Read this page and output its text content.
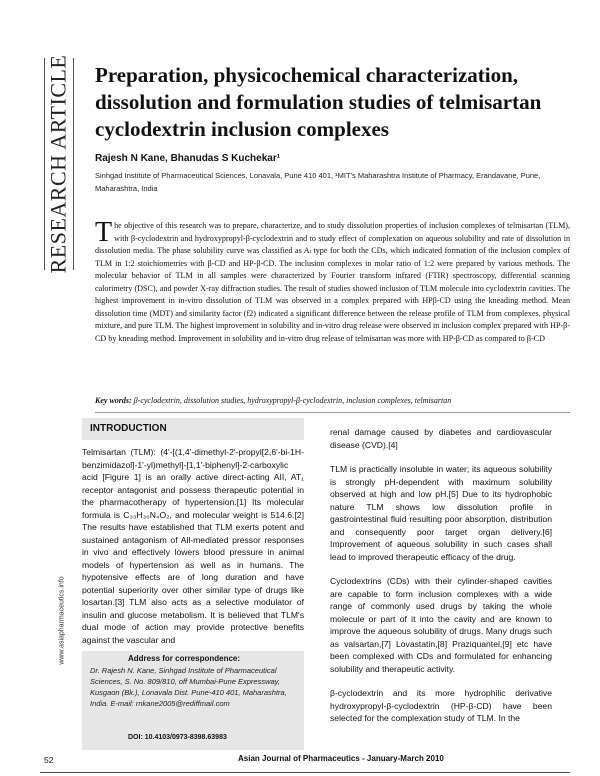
RESEARCH ARTICLE
www.asiapharmaceutics.info
Preparation, physicochemical characterization, dissolution and formulation studies of telmisartan cyclodextrin inclusion complexes
Rajesh N Kane, Bhanudas S Kuchekar¹
Sinhgad Institute of Pharmaceutical Sciences, Lonavala, Pune 410 401, ¹MIT's Maharashtra Institute of Pharmacy, Erandavane, Pune, Maharashtra, India
The objective of this research was to prepare, characterize, and to study dissolution properties of inclusion complexes of telmisartan (TLM), with β-cyclodextrin and hydroxypropyl-β-cyclodextrin and to study effect of complexation on aqueous solubility and rate of dissolution in dissolution media. The phase solubility curve was classified as Aₗ type for both the CDs, which indicated formation of the inclusion complex of TLM in 1:2 stoichiometries with β-CD and HP-β-CD. The inclusion complexes in molar ratio of 1:2 were prepared by various methods. The molecular behavior of TLM in all samples were characterized by Fourier transform infrared (FTIR) spectroscopy, differential scanning calorimetry (DSC), and powder X-ray diffraction studies. The result of studies showed inclusion of TLM molecule into cyclodextrin cavities. The highest improvement in in-vitro dissolution of TLM was observed in a complex prepared with HPβ-CD using the kneading method. Mean dissolution time (MDT) and similarity factor (f2) indicated a significant difference between the release profile of TLM from complexes, physical mixture, and pure TLM. The highest improvement in solubility and in-vitro drug release were observed in inclusion complex prepared with HP-β-CD by kneading method. Improvement in solubility and in-vitro drug release of telmisartan was more with HP-β-CD as compared to β-CD
Key words: β-cyclodextrin, dissolution studies, hydroxypropyl-β-cyclodextrin, inclusion complexes, telmisartan
INTRODUCTION

Telmisartan (TLM): (4'-[(1,4'-dimethyl-2'-propyl[2,6'-bi-1H-benzimidazol]-1'-yl)methyl]-[1,1'-biphenyl]-2-carboxylic acid [Figure 1] is an orally active direct-acting AII, AT₁ receptor antagonist and possess therapeutic potential in the pharmacotherapy of hypertension.[1] Its molecular formula is C₃₃H₃₀N₄O₂, and molecular weight is 514.6.[2] The results have established that TLM exerts potent and sustained antagonism of All-mediated pressor responses in vivo and effectively lowers blood pressure in animal models of hypertension as well as in humans. The hypotensive effects are of long duration and have potential superiority over other similar type of drugs like losartan.[3] TLM also acts as a selective modulator of insulin and glucose metabolism. It is believed that TLM's dual mode of action may provide protective benefits against the vascular and

renal damage caused by diabetes and cardiovascular disease (CVD).[4]

TLM is practically insoluble in water; its aqueous solubility is strongly pH-dependent with maximum solubility observed at high and low pH.[5] Due to its hydrophobic nature TLM shows low dissolution profile in gastrointestinal fluid resulting poor absorption, distribution and consequently poor target organ delivery.[6] Improvement of aqueous solubility in such cases shall lead to improved therapeutic efficacy of the drug.

Cyclodextrins (CDs) with their cylinder-shaped cavities are capable to form inclusion complexes with a wide range of commonly used drugs by taking the whole molecule or part of it into the cavity and are known to improve the aqueous solubility of drugs. Many drugs such as valsartan,[7] Lovastatin,[8] Praziquantel,[9] etc have been complexed with CDs and formulated for enhancing solubility and therapeutic activity.

β-cyclodextrin and its more hydrophilic derivative hydroxypropyl-β-cyclodextrin (HP-β-CD) have been selected for the complexation study of TLM. In the

Address for correspondence:
Dr. Rajesh N. Kane, Sinhgad Institute of Pharmaceutical Sciences, S. No. 809/810, off Mumbai-Pune Expressway, Kusgaon (Bk.), Lonavala Dist. Pune-410 401, Maharashtra, India. E-mail: rnkane2005@rediffmail.com
DOI: 10.4103/0973-8398.63983
52	Asian Journal of Pharmaceutics - January-March 2010
